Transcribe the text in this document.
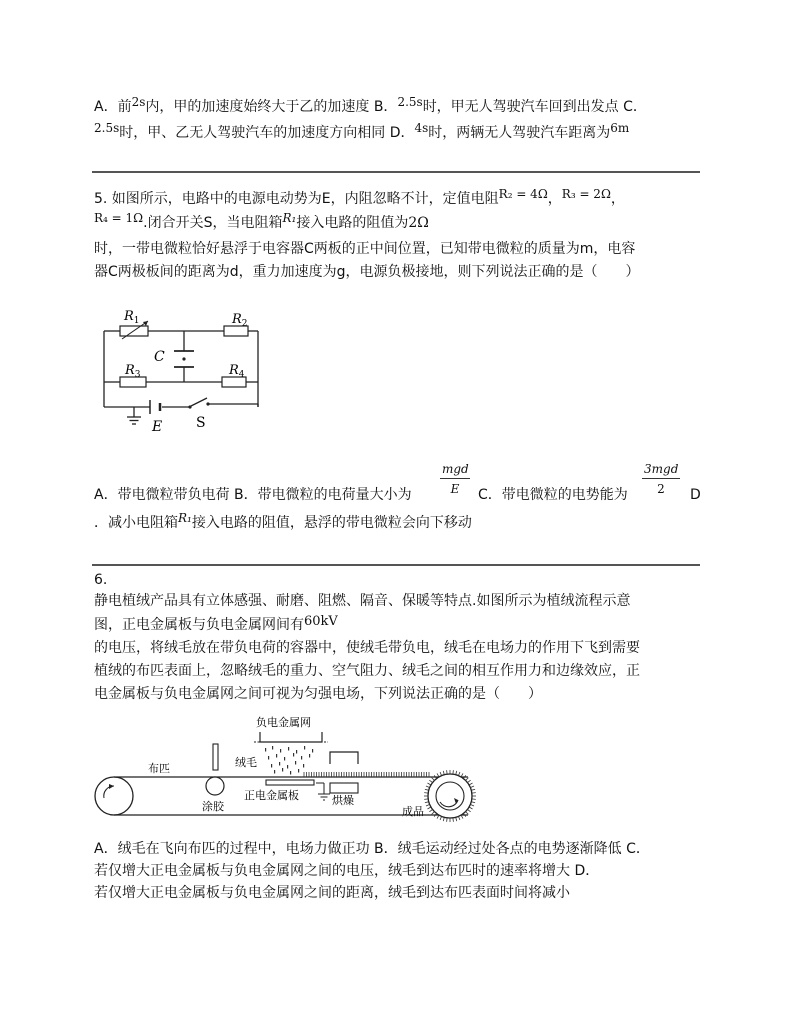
A．前2s内，甲的加速度始终大于乙的加速度 B．2.5s时，甲无人驾驶汽车回到出发点 C．
2.5s时，甲、乙无人驾驶汽车的加速度方向相同 D．4s时，两辆无人驾驶汽车距离为6m
5. 如图所示，电路中的电源电动势为E，内阻忽略不计，定值电阻R₂ = 4Ω，R₃ = 2Ω，
R₄ = 1Ω.闭合开关S，当电阻箱R₁接入电路的阻值为2Ω
时，一带电微粒恰好悬浮于电容器C两板的正中间位置，已知带电微粒的质量为m，电容
器C两极板间的距离为d，重力加速度为g，电源负极接地，则下列说法正确的是（　　）
$R_1$	$R_2$
C
$R_3$	$R_4$
E S
A．带电微粒带负电荷 B．带电微粒的电荷量大小为
mgd
E	C．带电微粒的电势能为
3mgd
2	D
．减小电阻箱R₁接入电路的阻值，悬浮的带电微粒会向下移动
6.
静电植绒产品具有立体感强、耐磨、阻燃、隔音、保暖等特点.如图所示为植绒流程示意
图，正电金属板与负电金属网间有60kV
的电压，将绒毛放在带负电荷的容器中，使绒毛带负电，绒毛在电场力的作用下飞到需要
植绒的布匹表面上，忽略绒毛的重力、空气阻力、绒毛之间的相互作用力和边缘效应，正
电金属板与负电金属网之间可视为匀强电场，下列说法正确的是（　　）
负电金属网
布匹	绒毛
涂胶
正电金属板	烘燥
成品
A．绒毛在飞向布匹的过程中，电场力做正功 B．绒毛运动经过处各点的电势逐渐降低 C．
若仅增大正电金属板与负电金属网之间的电压，绒毛到达布匹时的速率将增大 D．
若仅增大正电金属板与负电金属网之间的距离，绒毛到达布匹表面时间将减小
